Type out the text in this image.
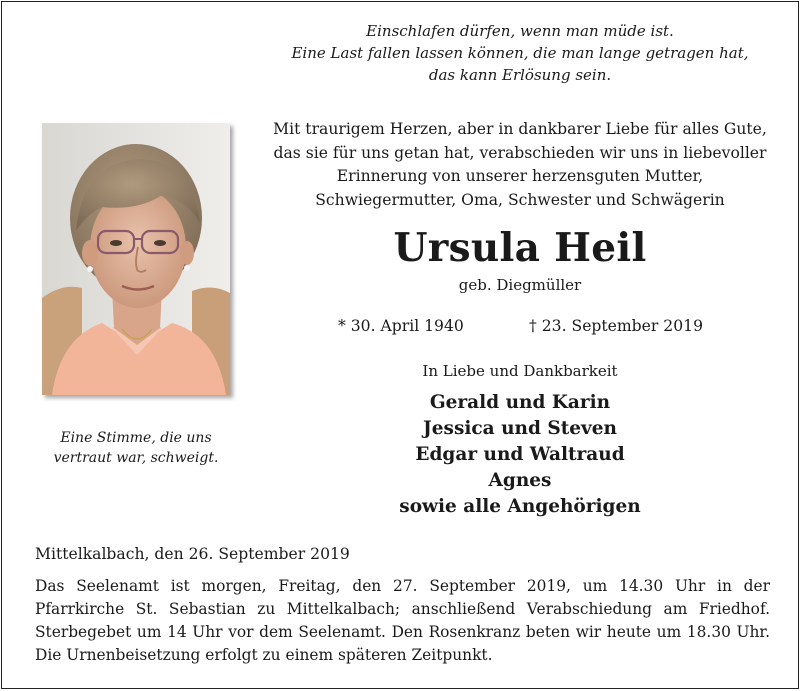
Einschlafen dürfen, wenn man müde ist.
Eine Last fallen lassen können, die man lange getragen hat,
das kann Erlösung sein.
Eine Stimme, die uns
vertraut war, schweigt.
Mit traurigem Herzen, aber in dankbarer Liebe für alles Gute,
das sie für uns getan hat, verabschieden wir uns in liebevoller
Erinnerung von unserer herzensguten Mutter,
Schwiegermutter, Oma, Schwester und Schwägerin
Ursula Heil
geb. Diegmüller
* 30. April 1940	† 23. September 2019
In Liebe und Dankbarkeit
Gerald und Karin
Jessica und Steven
Edgar und Waltraud
Agnes
sowie alle Angehörigen
Mittelkalbach, den 26. September 2019

Das Seelenamt ist morgen, Freitag, den 27. September 2019, um 14.30 Uhr in der Pfarrkirche St. Sebastian zu Mittelkalbach; anschließend Verabschiedung am Friedhof. Sterbegebet um 14 Uhr vor dem Seelenamt. Den Rosenkranz beten wir heute um 18.30 Uhr. Die Urnenbeisetzung erfolgt zu einem späteren Zeitpunkt.
